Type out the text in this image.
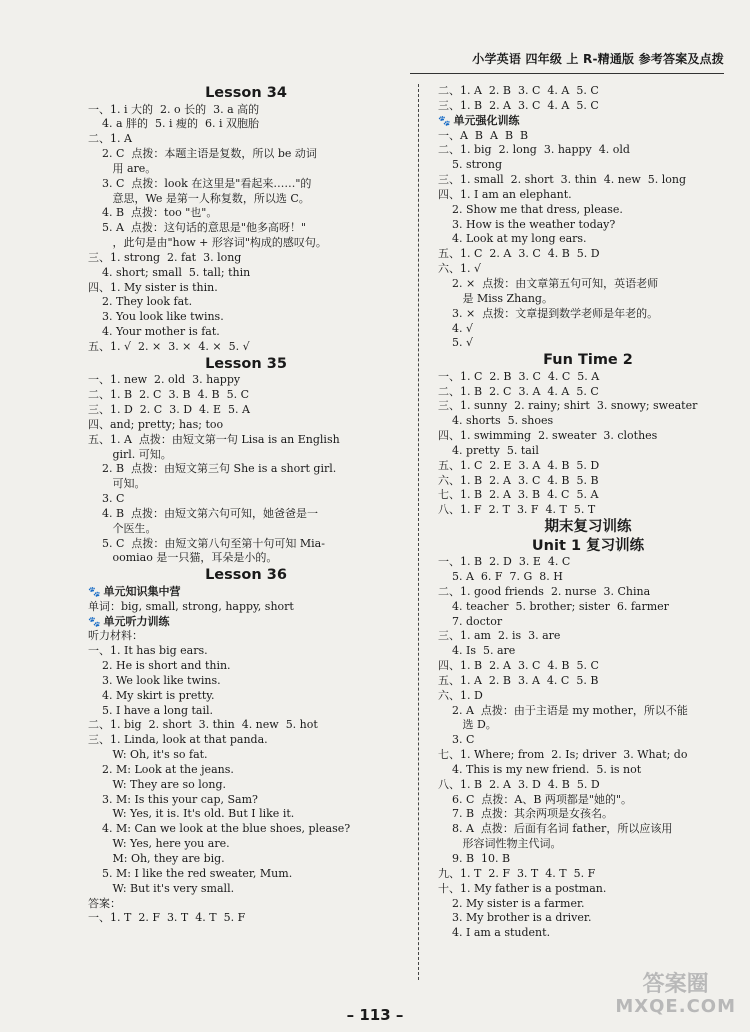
小学英语 四年级 上 R-精通版 参考答案及点拨
Lesson 34
一、1. i 大的  2. o 长的  3. a 高的
4. a 胖的  5. i 瘦的  6. i 双胞胎
二、1. A
2. C  点拨：本题主语是复数，所以 be 动词
用 are。
3. C  点拨：look 在这里是"看起来……"的
意思，We 是第一人称复数，所以选 C。
4. B  点拨：too "也"。
5. A  点拨：这句话的意思是"他多高呀！"
，此句是由"how + 形容词"构成的感叹句。
三、1. strong  2. fat  3. long
4. short; small  5. tall; thin
四、1. My sister is thin.
2. They look fat.
3. You look like twins.
4. Your mother is fat.
五、1. √  2. ×  3. ×  4. ×  5. √
Lesson 35
一、1. new  2. old  3. happy
二、1. B  2. C  3. B  4. B  5. C
三、1. D  2. C  3. D  4. E  5. A
四、and; pretty; has; too
五、1. A  点拨：由短文第一句 Lisa is an English
girl. 可知。
2. B  点拨：由短文第三句 She is a short girl.
可知。
3. C
4. B  点拨：由短文第六句可知，她爸爸是一
个医生。
5. C  点拨：由短文第八句至第十句可知 Mia-
oomiao 是一只猫，耳朵是小的。
Lesson 36
🐾 单元知识集中营
单词：big, small, strong, happy, short
🐾 单元听力训练
听力材料：
一、1. It has big ears.
2. He is short and thin.
3. We look like twins.
4. My skirt is pretty.
5. I have a long tail.
二、1. big  2. short  3. thin  4. new  5. hot
三、1. Linda, look at that panda.
W: Oh, it's so fat.
2. M: Look at the jeans.
W: They are so long.
3. M: Is this your cap, Sam?
W: Yes, it is. It's old. But I like it.
4. M: Can we look at the blue shoes, please?
W: Yes, here you are.
M: Oh, they are big.
5. M: I like the red sweater, Mum.
W: But it's very small.
答案：
一、1. T  2. F  3. T  4. T  5. F
二、1. A  2. B  3. C  4. A  5. C
三、1. B  2. A  3. C  4. A  5. C
🐾 单元强化训练
一、A  B  A  B  B
二、1. big  2. long  3. happy  4. old
5. strong
三、1. small  2. short  3. thin  4. new  5. long
四、1. I am an elephant.
2. Show me that dress, please.
3. How is the weather today?
4. Look at my long ears.
五、1. C  2. A  3. C  4. B  5. D
六、1. √
2. ×  点拨：由文章第五句可知，英语老师
是 Miss Zhang。
3. ×  点拨：文章提到数学老师是年老的。
4. √
5. √
Fun Time 2
一、1. C  2. B  3. C  4. C  5. A
二、1. B  2. C  3. A  4. A  5. C
三、1. sunny  2. rainy; shirt  3. snowy; sweater
4. shorts  5. shoes
四、1. swimming  2. sweater  3. clothes
4. pretty  5. tail
五、1. C  2. E  3. A  4. B  5. D
六、1. B  2. A  3. C  4. B  5. B
七、1. B  2. A  3. B  4. C  5. A
八、1. F  2. T  3. F  4. T  5. T
期末复习训练
Unit 1 复习训练
一、1. B  2. D  3. E  4. C
5. A  6. F  7. G  8. H
二、1. good friends  2. nurse  3. China
4. teacher  5. brother; sister  6. farmer
7. doctor
三、1. am  2. is  3. are
4. Is  5. are
四、1. B  2. A  3. C  4. B  5. C
五、1. A  2. B  3. A  4. C  5. B
六、1. D
2. A  点拨：由于主语是 my mother，所以不能
选 D。
3. C
七、1. Where; from  2. Is; driver  3. What; do
4. This is my new friend.  5. is not
八、1. B  2. A  3. D  4. B  5. D
6. C  点拨：A、B 两项都是"她的"。
7. B  点拨：其余两项是女孩名。
8. A  点拨：后面有名词 father，所以应该用
形容词性物主代词。
9. B  10. B
九、1. T  2. F  3. T  4. T  5. F
十、1. My father is a postman.
2. My sister is a farmer.
3. My brother is a driver.
4. I am a student.
– 113 –
答案圈
MXQE.COM
